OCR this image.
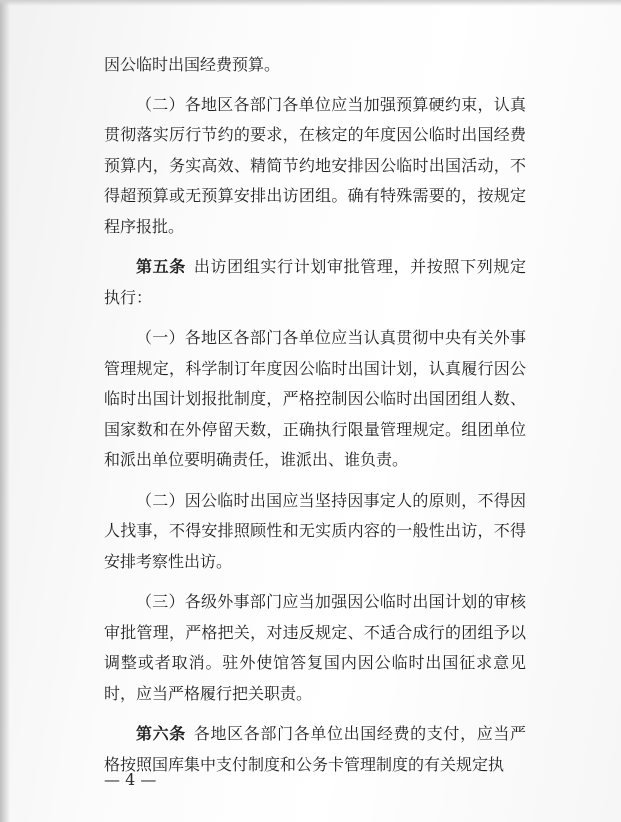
因公临时出国经费预算。

（二）各地区各部门各单位应当加强预算硬约束，认真贯彻落实厉行节约的要求，在核定的年度因公临时出国经费预算内，务实高效、精简节约地安排因公临时出国活动，不得超预算或无预算安排出访团组。确有特殊需要的，按规定程序报批。

第五条 出访团组实行计划审批管理，并按照下列规定执行：

（一）各地区各部门各单位应当认真贯彻中央有关外事管理规定，科学制订年度因公临时出国计划，认真履行因公临时出国计划报批制度，严格控制因公临时出国团组人数、国家数和在外停留天数，正确执行限量管理规定。组团单位和派出单位要明确责任，谁派出、谁负责。

（二）因公临时出国应当坚持因事定人的原则，不得因人找事，不得安排照顾性和无实质内容的一般性出访，不得安排考察性出访。

（三）各级外事部门应当加强因公临时出国计划的审核审批管理，严格把关，对违反规定、不适合成行的团组予以调整或者取消。驻外使馆答复国内因公临时出国征求意见时，应当严格履行把关职责。

第六条 各地区各部门各单位出国经费的支付，应当严格按照国库集中支付制度和公务卡管理制度的有关规定执

— 4 —
